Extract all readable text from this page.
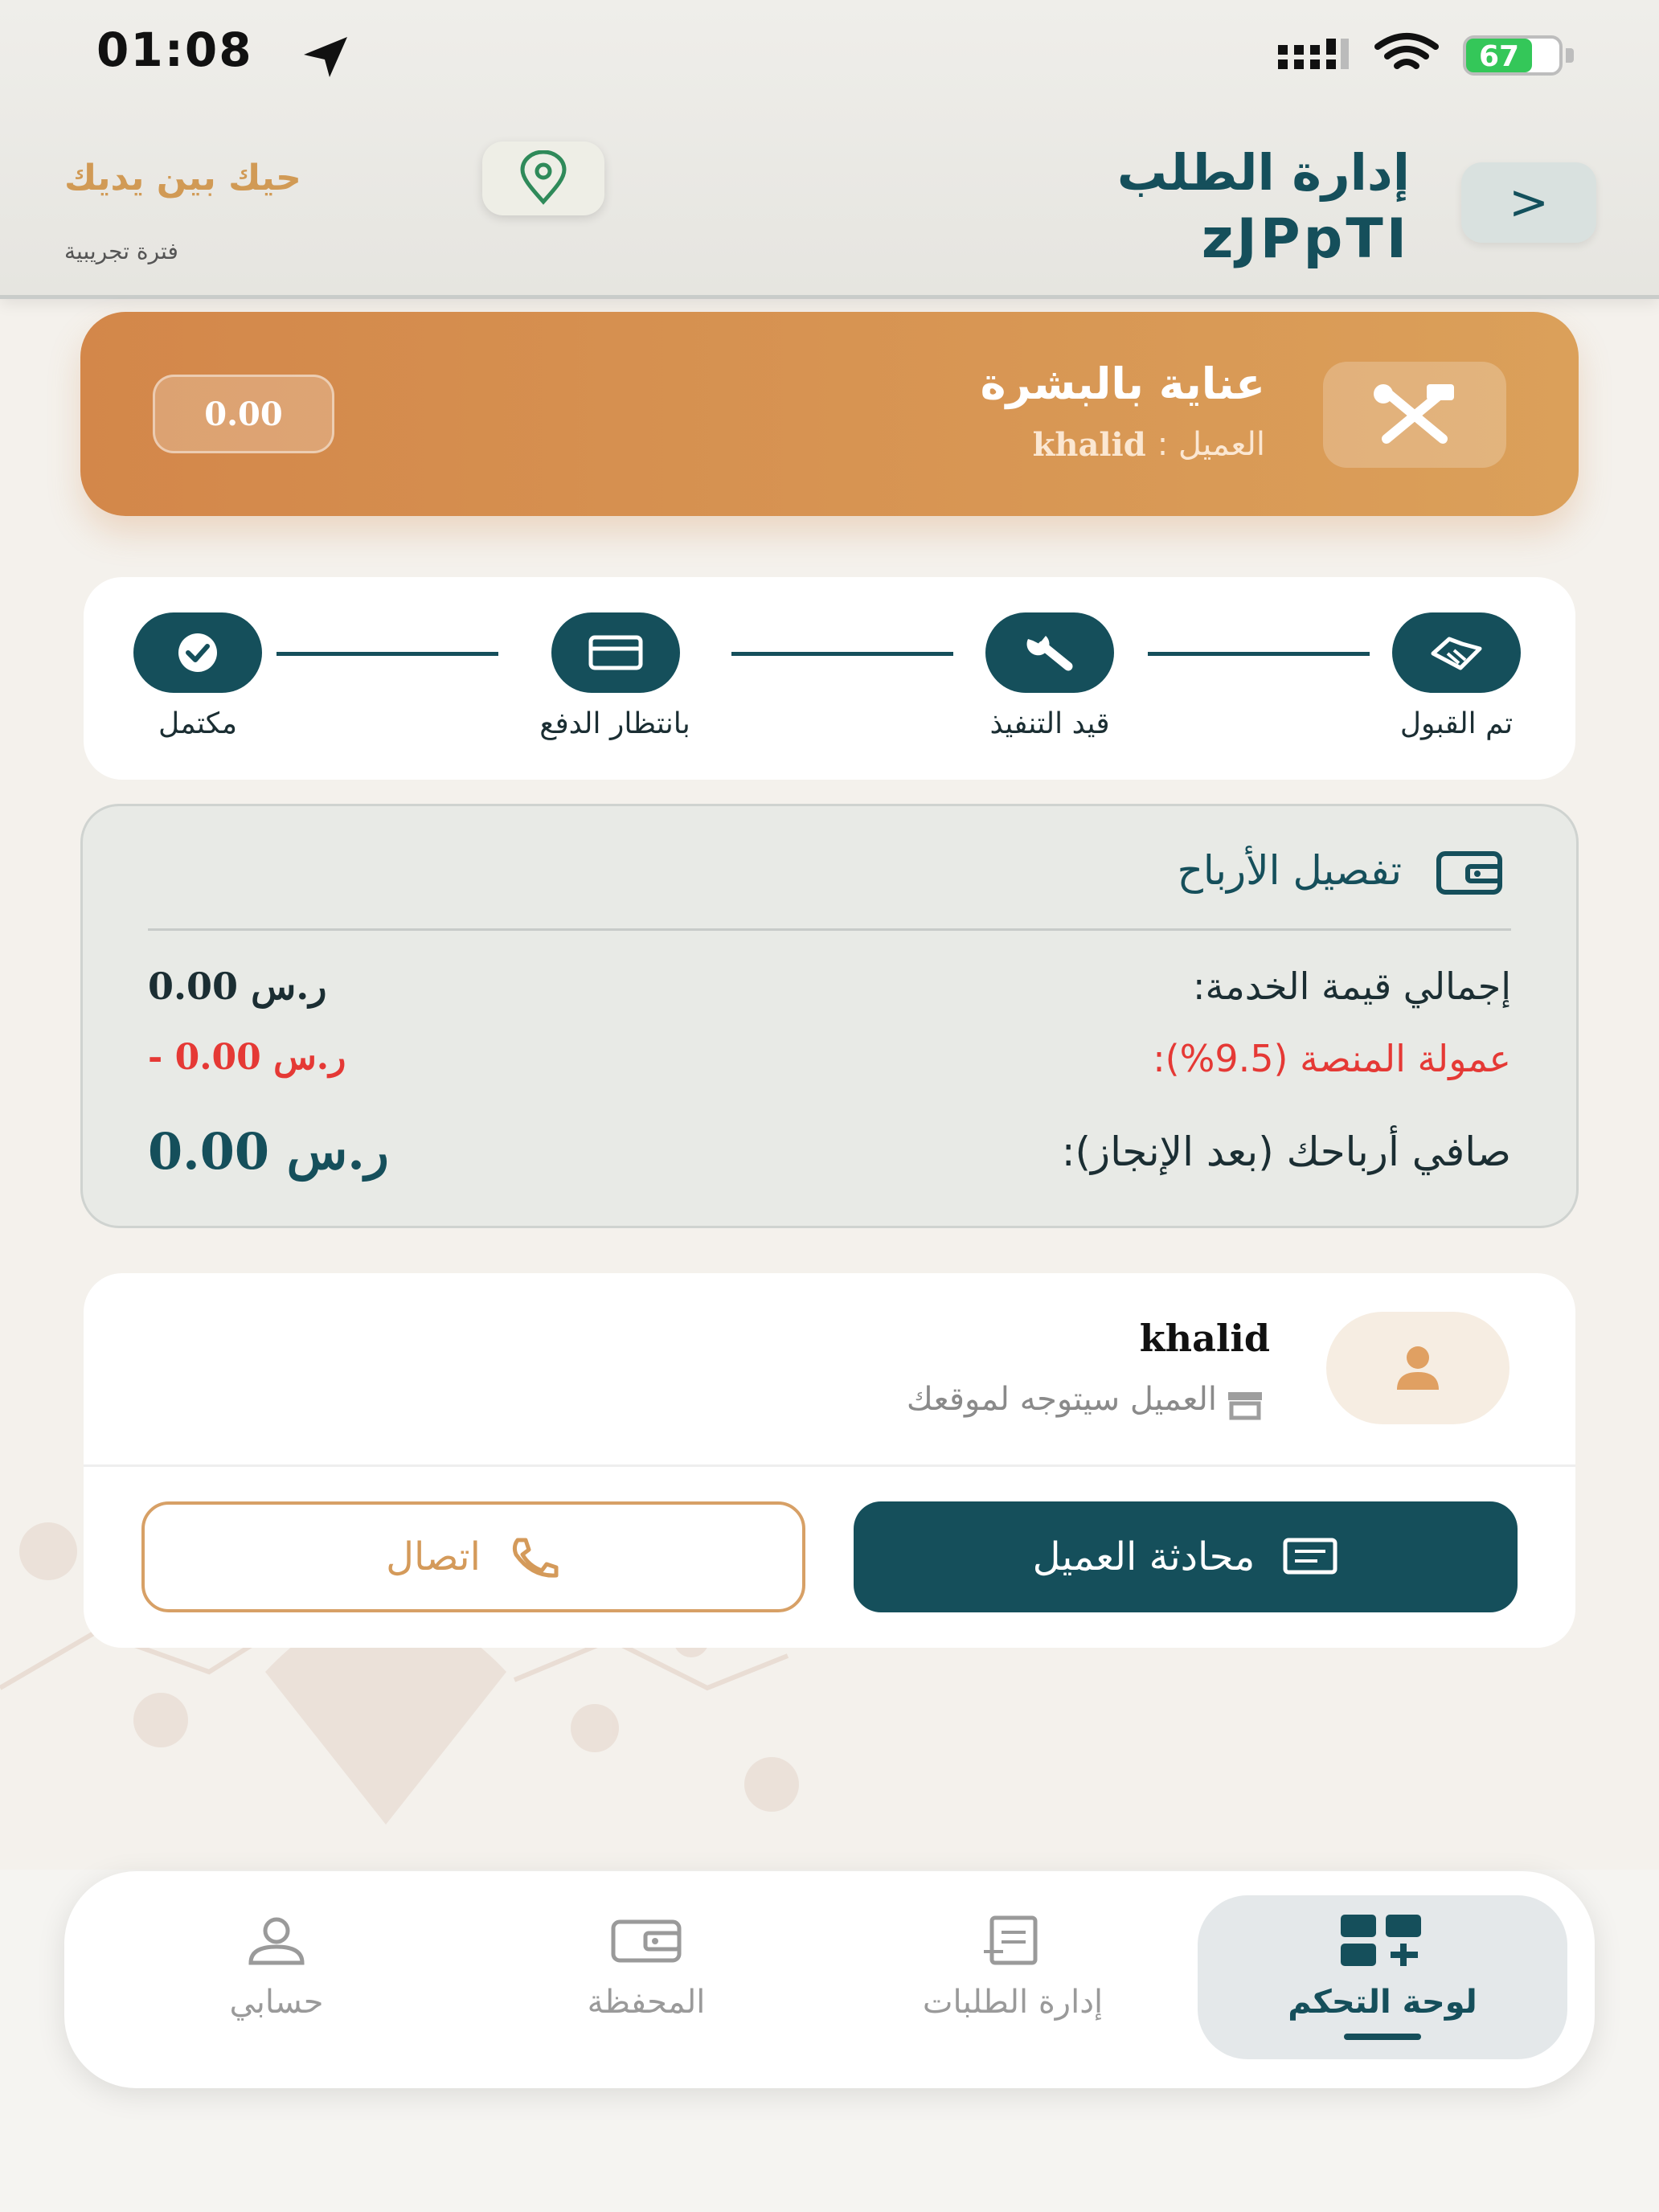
01:08	67
>
إدارة الطلب
zJPpTI
حيك بين يديك
فترة تجريبية
عناية بالبشرة
العميل :
khalid
0.00
تم القبول
قيد التنفيذ
بانتظار الدفع
مكتمل
تفصيل الأرباح
إجمالي قيمة الخدمة:
0.00 ر.س
عمولة المنصة (9.5%):
- 0.00 ر.س
صافي أرباحك (بعد الإنجاز):
0.00 ر.س
khalid
العميل سيتوجه لموقعك
محادثة العميل
اتصال
لوحة التحكم
إدارة الطلبات
المحفظة
حسابي
